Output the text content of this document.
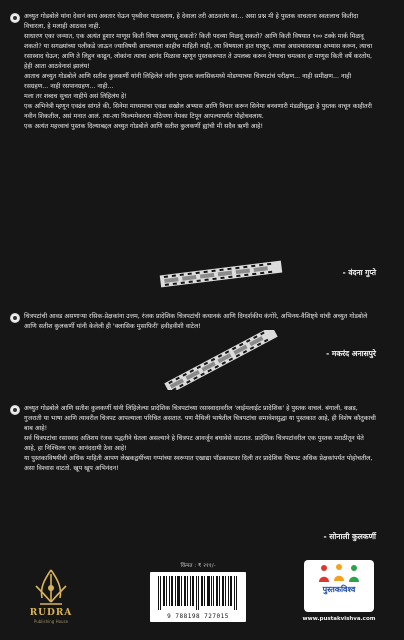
अच्युत गोडबोले यांना देवानं काय अवतार घेऊन पृथ्वीवर पाठवलाय, हे देवाला तरी आठवतंय का... असा प्रश्न मी हे पुस्तक वाचताना स्वतःलाच कितीदा विचारला, हे मलाही आठवत नाही.

साधारण एका जन्मात, एक अत्यंत हुशार माणूस किती विषय अभ्यासू शकतो? किती पदव्या मिळवू शकतो? आणि किती विषयात १०० टक्के मार्क मिळवू शकतो? या सगळ्यांच्या पलीकडे जाऊन ज्याविषयी आपल्याला काहीच माहिती नाही, त्या विषयाला हात घालून, त्याचा अधाश्यासारखा अभ्यास करून, त्याचा रसास्वाद घेऊन; आणि ते लिहून काढून, लोकांना त्याचा आनंद मिळावा म्हणून पुस्तकरूपात ते उपलब्ध करून देण्याचा चमत्कार हा माणूस किती वर्षे करतोय, हेही आता आठवेनासं झालंय!

आताच अच्युत गोडबोले आणि सतीश कुलकर्णी यांनी लिहिलेलं नवीन पुस्तक क्लासिकमध्ये मोडण्याच्या चित्रपटांचं परीक्षण... नाही समीक्षण... नाही रसग्रहण... नाही रसपानग्रहण... नाही...

मला तर शब्दच सुचत नाहीये असं लिहिलंय हे!

एक अभिनेत्री म्हणून एवढंच सांगते की, सिनेमा माध्यमाचा एवढा सखोल अभ्यास आणि विचार करून सिनेमा बनवणारी मंडळीसुद्धा हे पुस्तक वाचून काहीतरी नवीन शिकतील, असं मनात आलं. त्या-त्या फिल्ममेकरचा मोठेपणा नेमका टिपून आपल्यापर्यंत पोहोचवलाय.

एक अत्यंत महत्त्वाचं पुस्तक दिल्याबद्दल अच्युत गोडबोले आणि सतीश कुलकर्णी ह्यांची मी सदैव ऋणी आहे!

- वंदना गुप्ते

चित्रपटांची आवड असणाऱ्या रसिक-प्रेक्षकांना उत्तम, रंजक प्रादेशिक चित्रपटांची कथानकं आणि दिग्दर्शकीय कंगोरे, अभिनय-वैशिष्ट्ये यांची अच्युत गोडबोले आणि सतीश कुलकर्णी यांनी केलेली ही 'क्लासिक मुसाफिरी' हवीहवीशी वाटेल!

- मकरंद अनासपुरे

अच्युत गोडबोले आणि सतीश कुलकर्णी यांनी लिहिलेल्या प्रादेशिक चित्रपटांच्या रसास्वादावरील 'लाईमलाईट प्रादेशिक' हे पुस्तक वाचलं. बंगाली, कन्नड, गुजराती या भाषा आणि त्यावरील चित्रपट आपल्याला परिचित असतात. पण मैथिली भाषेतील चित्रपटांचा समावेशसुद्धा या पुस्तकात आहे, ही विशेष कौतुकाची बाब आहे!

सर्व चित्रपटांचा रसास्वाद अतिशय रंजक पद्धतीने घेतला असल्याने हे चित्रपट आवर्जून बघावेसे वाटतात. प्रादेशिक चित्रपटांवरील एक पुस्तक मराठीतून येते आहे, हा निश्चितच एक आनंददायी ठेवा आहे!

या पुस्तकाविषयीची अधिक माहिती आपण लेखकद्वयींच्या गप्पांच्या स्वरूपात एखाद्या पॉडकास्टवर दिली तर प्रादेशिक चित्रपट अधिक प्रेक्षकांपर्यंत पोहोचतील, असा विश्वास वाटतो. खूप खूप अभिनंदन!

- सोनाली कुलकर्णी
किंमत : ₹ २११/-
RUDRA
Publishing House
9 788198 727015
पुस्तकविश्व
www.pustakvishva.com
